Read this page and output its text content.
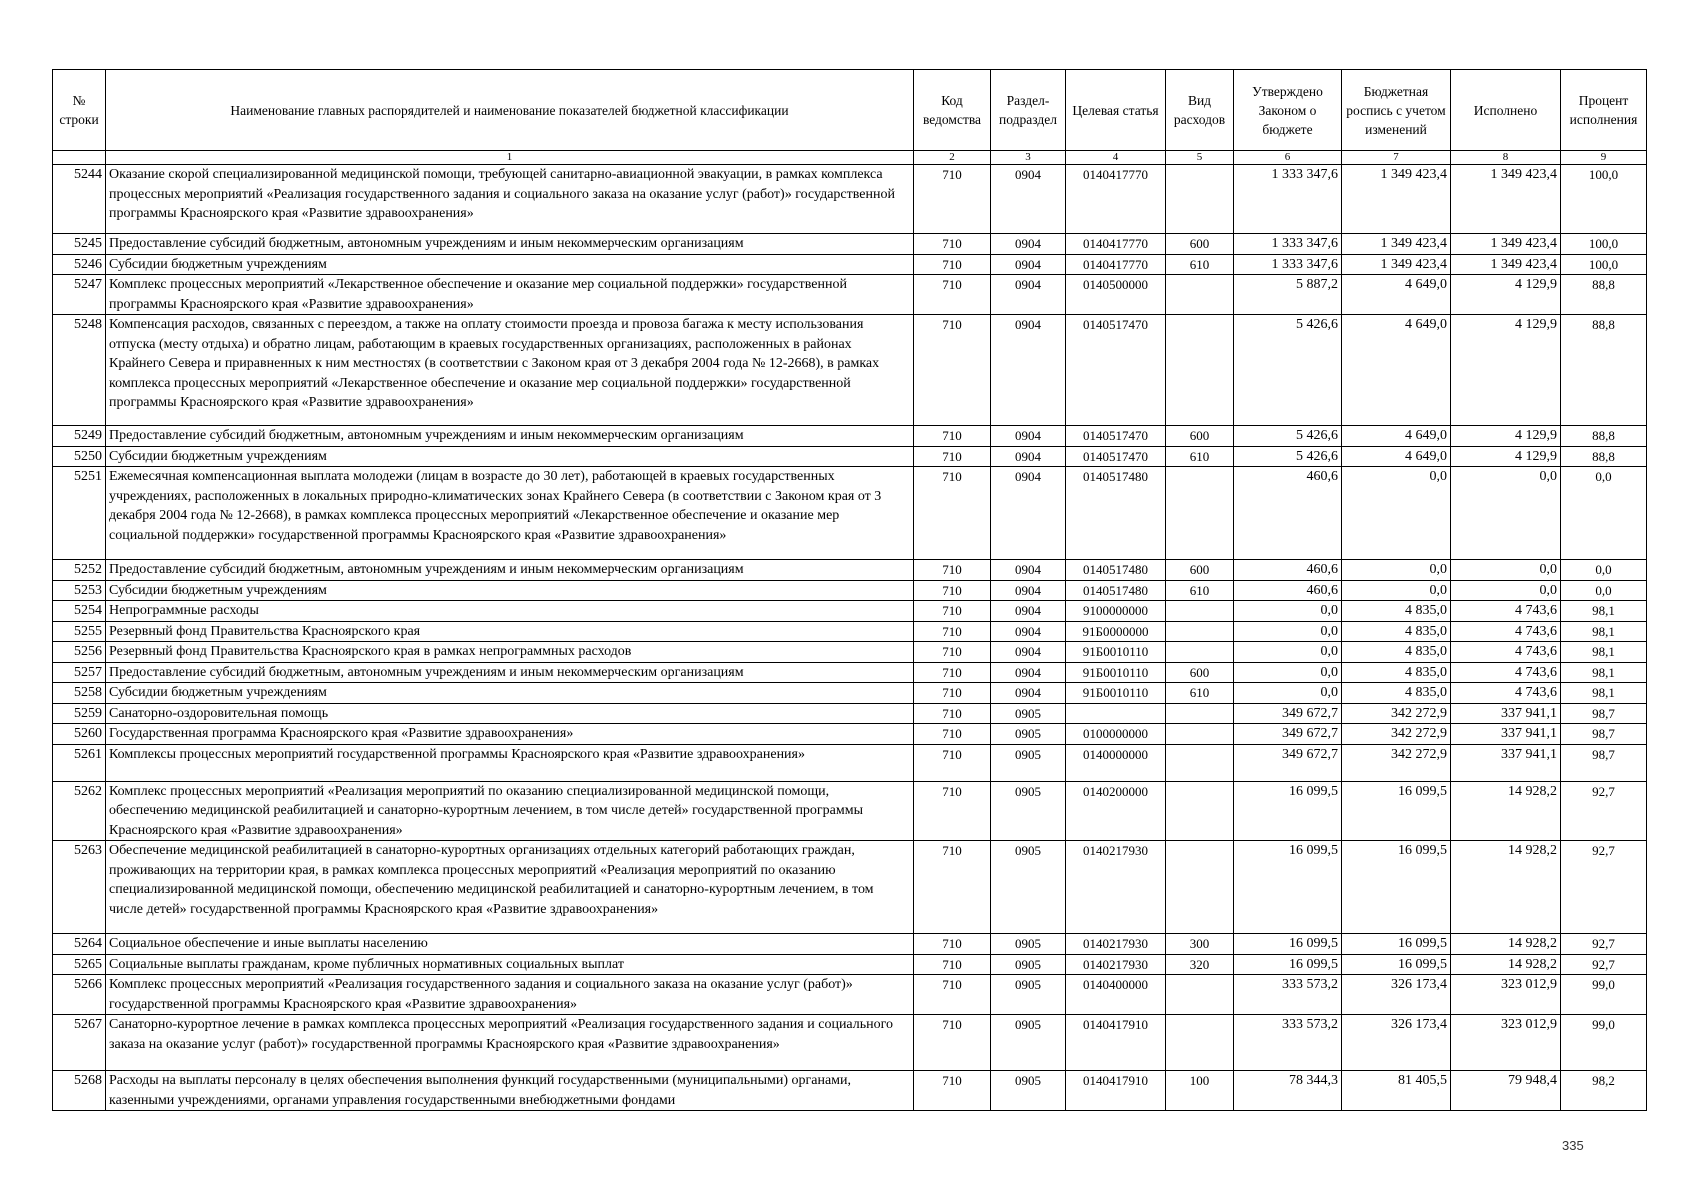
№ строки	Наименование главных распорядителей и наименование показателей бюджетной классификации	Код ведомства	Раздел-подраздел	Целевая статья	Вид расходов	Утверждено Законом о бюджете	Бюджетная роспись с учетом изменений	Исполнено	Процент исполнения
	1	2	3	4	5	6	7	8	9
5244	Оказание скорой специализированной медицинской помощи, требующей санитарно-авиационной эвакуации, в рамках комплекса процессных мероприятий «Реализация государственного задания и социального заказа на оказание услуг (работ)» государственной программы Красноярского края «Развитие здравоохранения»	710	0904	0140417770		1 333 347,6	1 349 423,4	1 349 423,4	100,0
5245	Предоставление субсидий бюджетным, автономным учреждениям и иным некоммерческим организациям	710	0904	0140417770	600	1 333 347,6	1 349 423,4	1 349 423,4	100,0
5246	Субсидии бюджетным учреждениям	710	0904	0140417770	610	1 333 347,6	1 349 423,4	1 349 423,4	100,0
5247	Комплекс процессных мероприятий «Лекарственное обеспечение и оказание мер социальной поддержки» государственной программы Красноярского края «Развитие здравоохранения»	710	0904	0140500000		5 887,2	4 649,0	4 129,9	88,8
5248	Компенсация расходов, связанных с переездом, а также на оплату стоимости проезда и провоза багажа к месту использования отпуска (месту отдыха) и обратно лицам, работающим в краевых государственных организациях, расположенных в районах Крайнего Севера и приравненных к ним местностях (в соответствии с Законом края от 3 декабря 2004 года № 12-2668), в рамках комплекса процессных мероприятий «Лекарственное обеспечение и оказание мер социальной поддержки» государственной программы Красноярского края «Развитие здравоохранения»	710	0904	0140517470		5 426,6	4 649,0	4 129,9	88,8
5249	Предоставление субсидий бюджетным, автономным учреждениям и иным некоммерческим организациям	710	0904	0140517470	600	5 426,6	4 649,0	4 129,9	88,8
5250	Субсидии бюджетным учреждениям	710	0904	0140517470	610	5 426,6	4 649,0	4 129,9	88,8
5251	Ежемесячная компенсационная выплата молодежи (лицам в возрасте до 30 лет), работающей в краевых государственных учреждениях, расположенных в локальных природно-климатических зонах Крайнего Севера (в соответствии с Законом края от 3 декабря 2004 года № 12-2668), в рамках комплекса процессных мероприятий «Лекарственное обеспечение и оказание мер социальной поддержки» государственной программы Красноярского края «Развитие здравоохранения»	710	0904	0140517480		460,6	0,0	0,0	0,0
5252	Предоставление субсидий бюджетным, автономным учреждениям и иным некоммерческим организациям	710	0904	0140517480	600	460,6	0,0	0,0	0,0
5253	Субсидии бюджетным учреждениям	710	0904	0140517480	610	460,6	0,0	0,0	0,0
5254	Непрограммные расходы	710	0904	9100000000		0,0	4 835,0	4 743,6	98,1
5255	Резервный фонд Правительства Красноярского края	710	0904	91Б0000000		0,0	4 835,0	4 743,6	98,1
5256	Резервный фонд Правительства Красноярского края в рамках непрограммных расходов	710	0904	91Б0010110		0,0	4 835,0	4 743,6	98,1
5257	Предоставление субсидий бюджетным, автономным учреждениям и иным некоммерческим организациям	710	0904	91Б0010110	600	0,0	4 835,0	4 743,6	98,1
5258	Субсидии бюджетным учреждениям	710	0904	91Б0010110	610	0,0	4 835,0	4 743,6	98,1
5259	Санаторно-оздоровительная помощь	710	0905			349 672,7	342 272,9	337 941,1	98,7
5260	Государственная программа Красноярского края «Развитие здравоохранения»	710	0905	0100000000		349 672,7	342 272,9	337 941,1	98,7
5261	Комплексы процессных мероприятий государственной программы Красноярского края «Развитие здравоохранения»	710	0905	0140000000		349 672,7	342 272,9	337 941,1	98,7
5262	Комплекс процессных мероприятий «Реализация мероприятий по оказанию специализированной медицинской помощи, обеспечению медицинской реабилитацией и санаторно-курортным лечением, в том числе детей» государственной программы Красноярского края «Развитие здравоохранения»	710	0905	0140200000		16 099,5	16 099,5	14 928,2	92,7
5263	Обеспечение медицинской реабилитацией в санаторно-курортных организациях отдельных категорий работающих граждан, проживающих на территории края, в рамках комплекса процессных мероприятий «Реализация мероприятий по оказанию специализированной медицинской помощи, обеспечению медицинской реабилитацией и санаторно-курортным лечением, в том числе детей» государственной программы Красноярского края «Развитие здравоохранения»	710	0905	0140217930		16 099,5	16 099,5	14 928,2	92,7
5264	Социальное обеспечение и иные выплаты населению	710	0905	0140217930	300	16 099,5	16 099,5	14 928,2	92,7
5265	Социальные выплаты гражданам, кроме публичных нормативных социальных выплат	710	0905	0140217930	320	16 099,5	16 099,5	14 928,2	92,7
5266	Комплекс процессных мероприятий «Реализация государственного задания и социального заказа на оказание услуг (работ)» государственной программы Красноярского края «Развитие здравоохранения»	710	0905	0140400000		333 573,2	326 173,4	323 012,9	99,0
5267	Санаторно-курортное лечение в рамках комплекса процессных мероприятий «Реализация государственного задания и социального заказа на оказание услуг (работ)» государственной программы Красноярского края «Развитие здравоохранения»	710	0905	0140417910		333 573,2	326 173,4	323 012,9	99,0
5268	Расходы на выплаты персоналу в целях обеспечения выполнения функций государственными (муниципальными) органами, казенными учреждениями, органами управления государственными внебюджетными фондами	710	0905	0140417910	100	78 344,3	81 405,5	79 948,4	98,2
335
